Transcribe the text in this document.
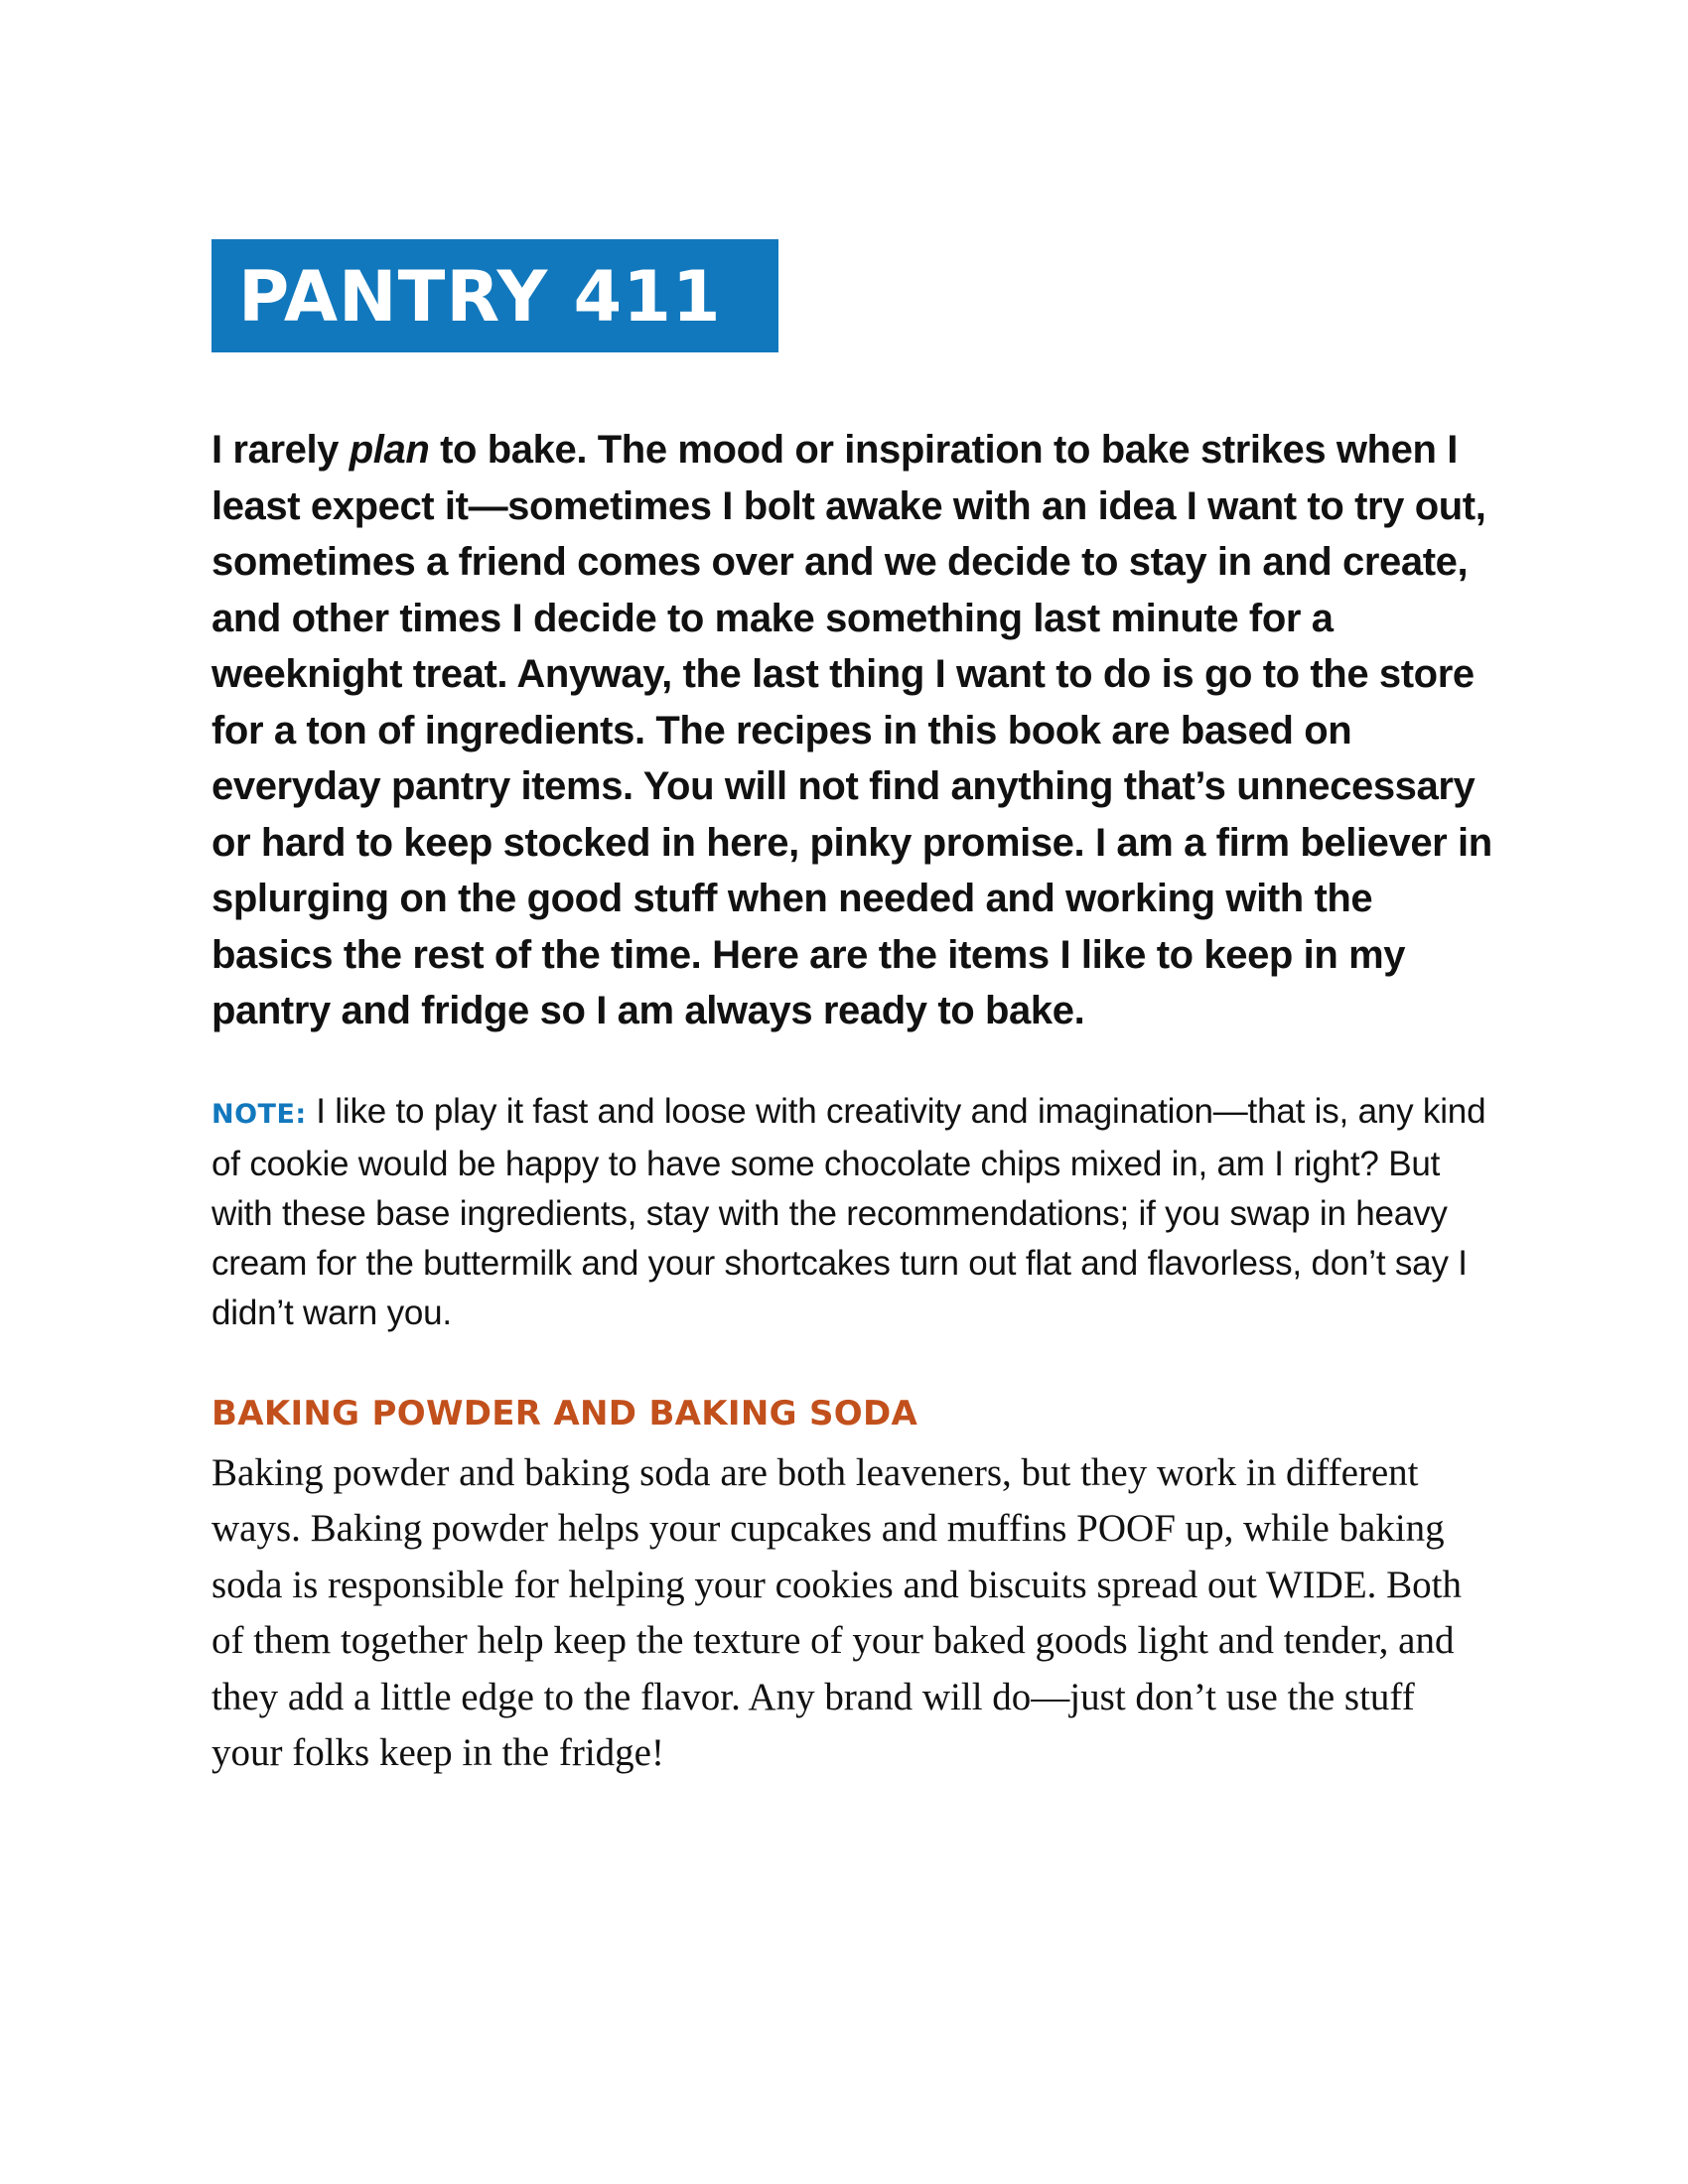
PANTRY 411

I rarely plan to bake. The mood or inspiration to bake strikes when I least expect it—sometimes I bolt awake with an idea I want to try out, sometimes a friend comes over and we decide to stay in and create, and other times I decide to make something last minute for a weeknight treat. Anyway, the last thing I want to do is go to the store for a ton of ingredients. The recipes in this book are based on everyday pantry items. You will not find anything that’s unnecessary or hard to keep stocked in here, pinky promise. I am a firm believer in splurging on the good stuff when needed and working with the basics the rest of the time. Here are the items I like to keep in my pantry and fridge so I am always ready to bake.

NOTE: I like to play it fast and loose with creativity and imagination—that is, any kind of cookie would be happy to have some chocolate chips mixed in, am I right? But with these base ingredients, stay with the recommendations; if you swap in heavy cream for the buttermilk and your shortcakes turn out flat and flavorless, don’t say I didn’t warn you.

BAKING POWDER AND BAKING SODA

Baking powder and baking soda are both leaveners, but they work in different ways. Baking powder helps your cupcakes and muffins POOF up, while baking soda is responsible for helping your cookies and biscuits spread out WIDE. Both of them together help keep the texture of your baked goods light and tender, and they add a little edge to the flavor. Any brand will do—just don’t use the stuff your folks keep in the fridge!
